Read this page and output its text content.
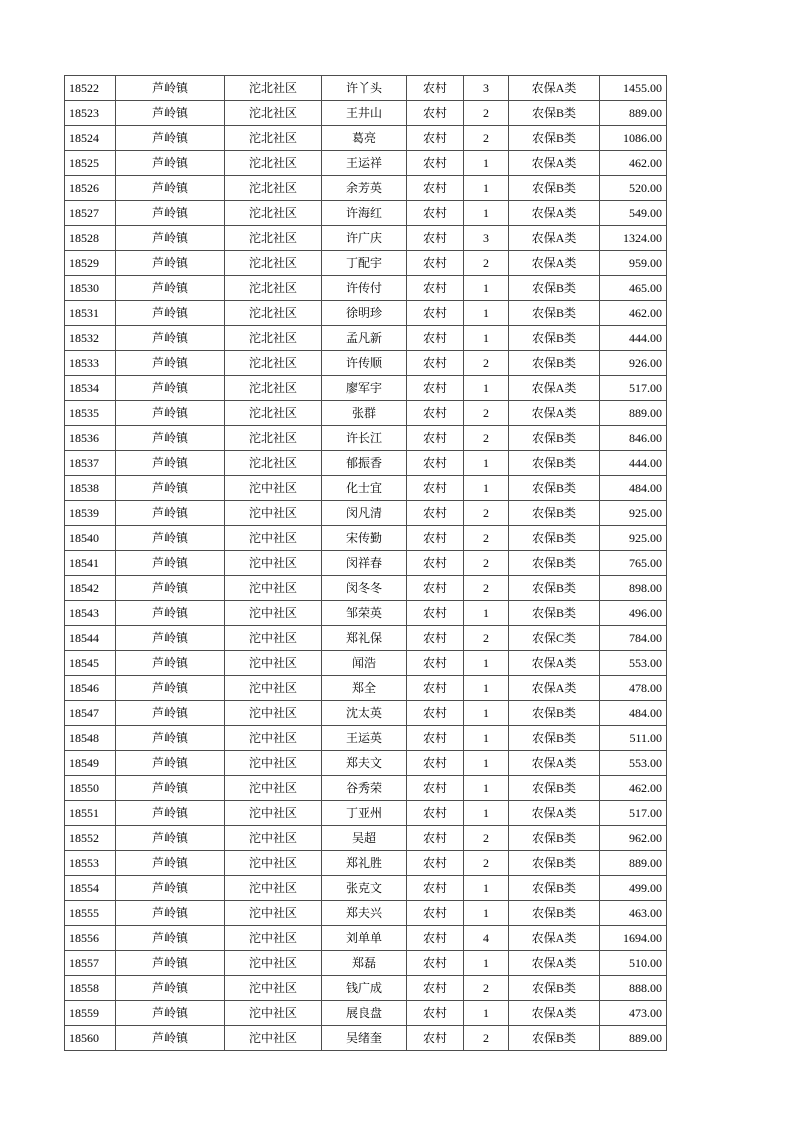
18522	芦岭镇	沱北社区	许丫头	农村	3	农保A类	1455.00
18523	芦岭镇	沱北社区	王井山	农村	2	农保B类	889.00
18524	芦岭镇	沱北社区	葛亮	农村	2	农保B类	1086.00
18525	芦岭镇	沱北社区	王运祥	农村	1	农保A类	462.00
18526	芦岭镇	沱北社区	余芳英	农村	1	农保B类	520.00
18527	芦岭镇	沱北社区	许海红	农村	1	农保A类	549.00
18528	芦岭镇	沱北社区	许广庆	农村	3	农保A类	1324.00
18529	芦岭镇	沱北社区	丁配宇	农村	2	农保A类	959.00
18530	芦岭镇	沱北社区	许传付	农村	1	农保B类	465.00
18531	芦岭镇	沱北社区	徐明珍	农村	1	农保B类	462.00
18532	芦岭镇	沱北社区	孟凡新	农村	1	农保B类	444.00
18533	芦岭镇	沱北社区	许传顺	农村	2	农保B类	926.00
18534	芦岭镇	沱北社区	廖军宇	农村	1	农保A类	517.00
18535	芦岭镇	沱北社区	张群	农村	2	农保A类	889.00
18536	芦岭镇	沱北社区	许长江	农村	2	农保B类	846.00
18537	芦岭镇	沱北社区	郁振香	农村	1	农保B类	444.00
18538	芦岭镇	沱中社区	化士宜	农村	1	农保B类	484.00
18539	芦岭镇	沱中社区	闵凡清	农村	2	农保B类	925.00
18540	芦岭镇	沱中社区	宋传勤	农村	2	农保B类	925.00
18541	芦岭镇	沱中社区	闵祥春	农村	2	农保B类	765.00
18542	芦岭镇	沱中社区	闵冬冬	农村	2	农保B类	898.00
18543	芦岭镇	沱中社区	邹荣英	农村	1	农保B类	496.00
18544	芦岭镇	沱中社区	郑礼保	农村	2	农保C类	784.00
18545	芦岭镇	沱中社区	闻浩	农村	1	农保A类	553.00
18546	芦岭镇	沱中社区	郑全	农村	1	农保A类	478.00
18547	芦岭镇	沱中社区	沈太英	农村	1	农保B类	484.00
18548	芦岭镇	沱中社区	王运英	农村	1	农保B类	511.00
18549	芦岭镇	沱中社区	郑夫文	农村	1	农保A类	553.00
18550	芦岭镇	沱中社区	谷秀荣	农村	1	农保B类	462.00
18551	芦岭镇	沱中社区	丁亚州	农村	1	农保A类	517.00
18552	芦岭镇	沱中社区	吴超	农村	2	农保B类	962.00
18553	芦岭镇	沱中社区	郑礼胜	农村	2	农保B类	889.00
18554	芦岭镇	沱中社区	张克文	农村	1	农保B类	499.00
18555	芦岭镇	沱中社区	郑夫兴	农村	1	农保B类	463.00
18556	芦岭镇	沱中社区	刘单单	农村	4	农保A类	1694.00
18557	芦岭镇	沱中社区	郑磊	农村	1	农保A类	510.00
18558	芦岭镇	沱中社区	钱广成	农村	2	农保B类	888.00
18559	芦岭镇	沱中社区	展良盘	农村	1	农保A类	473.00
18560	芦岭镇	沱中社区	吴绪奎	农村	2	农保B类	889.00
